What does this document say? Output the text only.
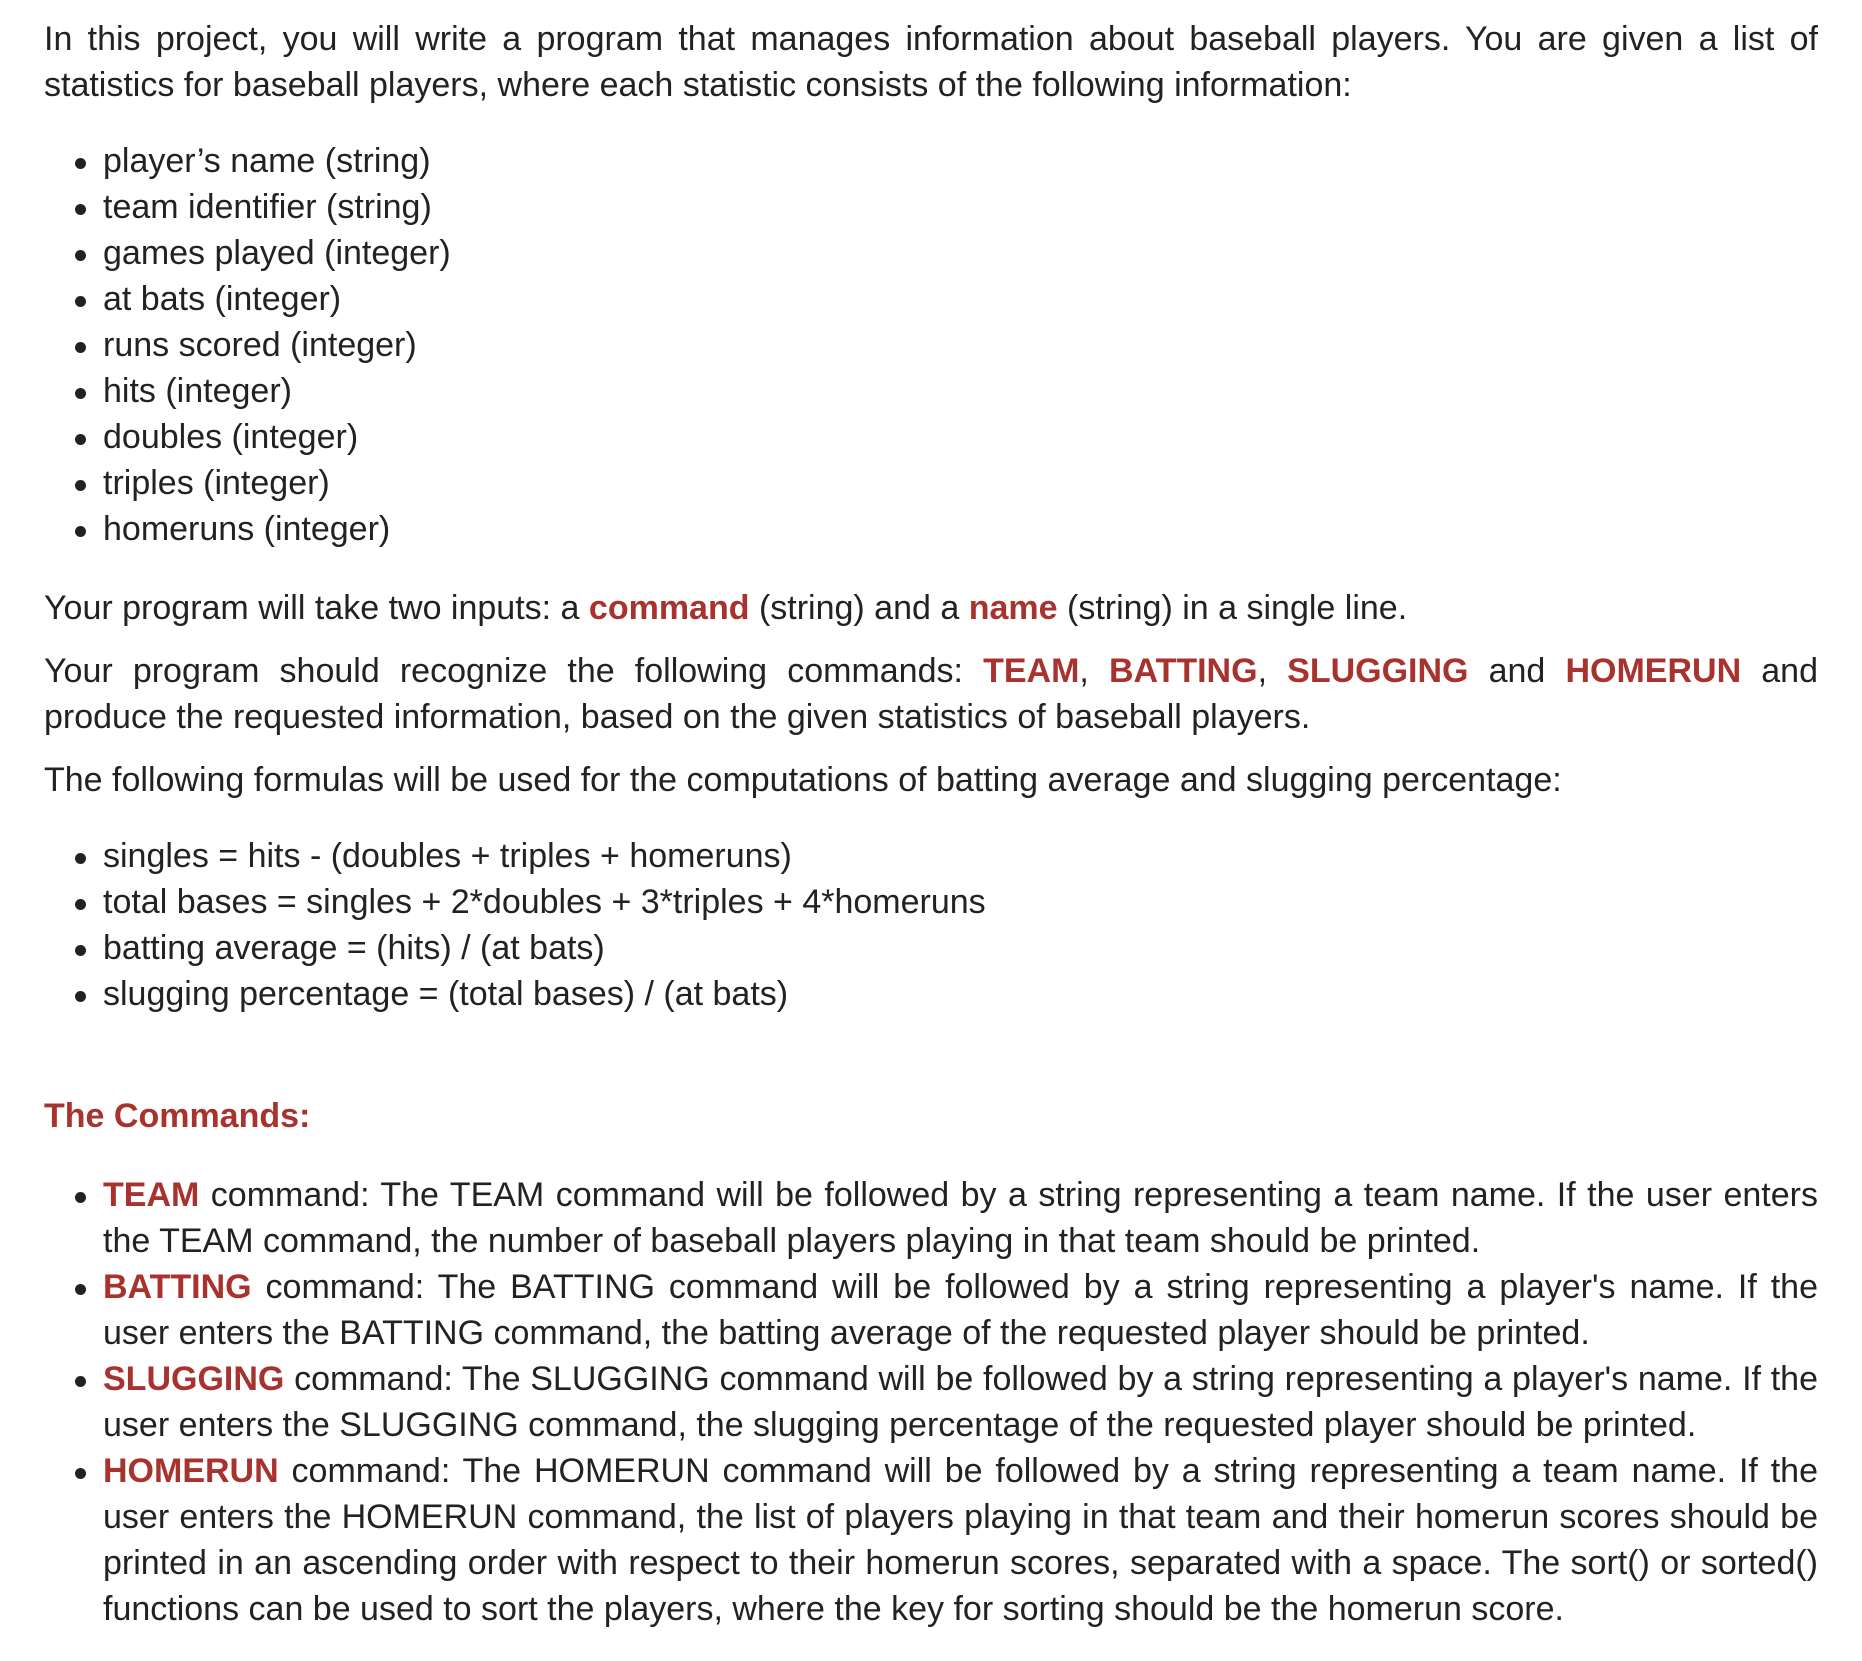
In this project, you will write a program that manages information about baseball players. You are given a list of statistics for baseball players, where each statistic consists of the following information:

player’s name (string)
team identifier (string)
games played (integer)
at bats (integer)
runs scored (integer)
hits (integer)
doubles (integer)
triples (integer)
homeruns (integer)

Your program will take two inputs: a command (string) and a name (string) in a single line.

Your program should recognize the following commands: TEAM, BATTING, SLUGGING and HOMERUN and produce the requested information, based on the given statistics of baseball players.

The following formulas will be used for the computations of batting average and slugging percentage:

singles = hits - (doubles + triples + homeruns)
total bases = singles + 2*doubles + 3*triples + 4*homeruns
batting average = (hits) / (at bats)
slugging percentage = (total bases) / (at bats)

The Commands:

TEAM command: The TEAM command will be followed by a string representing a team name. If the user enters the TEAM command, the number of baseball players playing in that team should be printed.
BATTING command: The BATTING command will be followed by a string representing a player's name. If the user enters the BATTING command, the batting average of the requested player should be printed.
SLUGGING command: The SLUGGING command will be followed by a string representing a player's name. If the user enters the SLUGGING command, the slugging percentage of the requested player should be printed.
HOMERUN command: The HOMERUN command will be followed by a string representing a team name. If the user enters the HOMERUN command, the list of players playing in that team and their homerun scores should be printed in an ascending order with respect to their homerun scores, separated with a space. The sort() or sorted() functions can be used to sort the players, where the key for sorting should be the homerun score.
